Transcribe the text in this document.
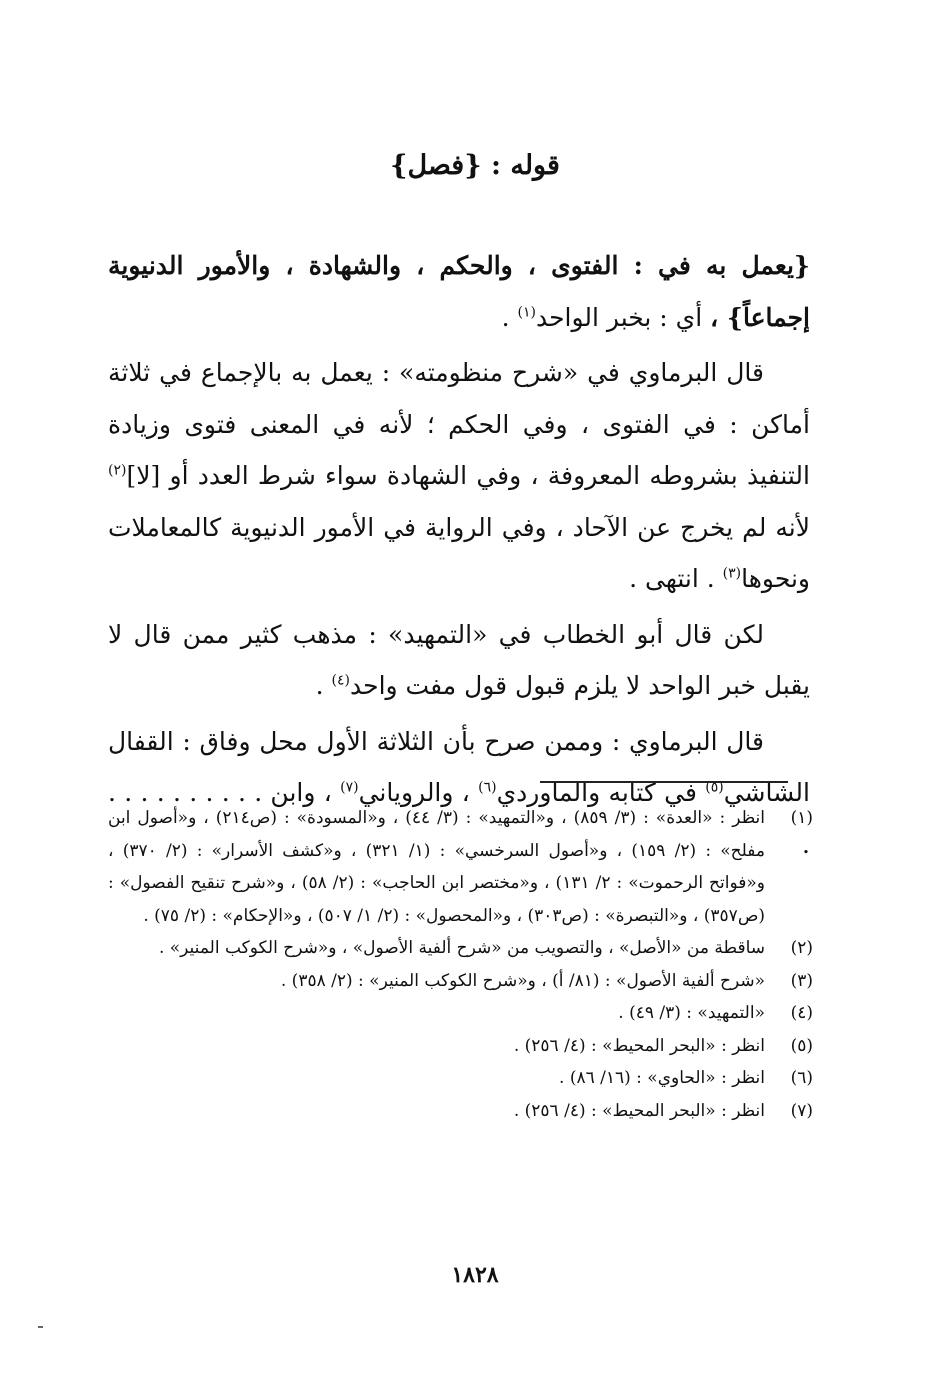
قوله : {فصل}

{يعمل به في : الفتوى ، والحكم ، والشهادة ، والأمور الدنيوية إجماعاً} ، أي : بخبر الواحد$^{(١)}$ .

قال البرماوي في «شرح منظومته» : يعمل به بالإجماع في ثلاثة أماكن : في الفتوى ، وفي الحكم ؛ لأنه في المعنى فتوى وزيادة التنفيذ بشروطه المعروفة ، وفي الشهادة سواء شرط العدد أو [لا]$^{(٢)}$ لأنه لم يخرج عن الآحاد ، وفي الرواية في الأمور الدنيوية كالمعاملات ونحوها$^{(٣)}$ . انتهى .

لكن قال أبو الخطاب في «التمهيد» : مذهب كثير ممن قال لا يقبل خبر الواحد لا يلزم قبول قول مفت واحد$^{(٤)}$ .

قال البرماوي : وممن صرح بأن الثلاثة الأول محل وفاق : القفال الشاشي$^{(٥)}$ في كتابه والماوردي$^{(٦)}$ ، والروياني$^{(٧)}$ ، وابن . . . . . . . . . . .

(١)
انظر : «العدة» : (٣/ ٨٥٩) ، و«التمهيد» : (٣/ ٤٤) ، و«المسودة» : (ص٢١٤) ، و«أصول ابن مفلح» : (٢/ ١٥٩) ، و«أصول السرخسي» : (١/ ٣٢١) ، و«كشف الأسرار» : (٢/ ٣٧٠) ، و«فواتح الرحموت» : ٢/ ١٣١) ، و«مختصر ابن الحاجب» : (٢/ ٥٨) ، و«شرح تنقيح الفصول» : (ص٣٥٧) ، و«التبصرة» : (ص٣٠٣) ، و«المحصول» : (٢/ ١/ ٥٠٧) ، و«الإحكام» : (٢/ ٧٥) .
(٢)
ساقطة من «الأصل» ، والتصويب من «شرح ألفية الأصول» ، و«شرح الكوكب المنير» .
(٣)
«شرح ألفية الأصول» : (٨١/ أ) ، و«شرح الكوكب المنير» : (٢/ ٣٥٨) .
(٤)
«التمهيد» : (٣/ ٤٩) .
(٥)
انظر : «البحر المحيط» : (٤/ ٢٥٦) .
(٦)
انظر : «الحاوي» : (١٦/ ٨٦) .
(٧)
انظر : «البحر المحيط» : (٤/ ٢٥٦) .
١٨٢٨
